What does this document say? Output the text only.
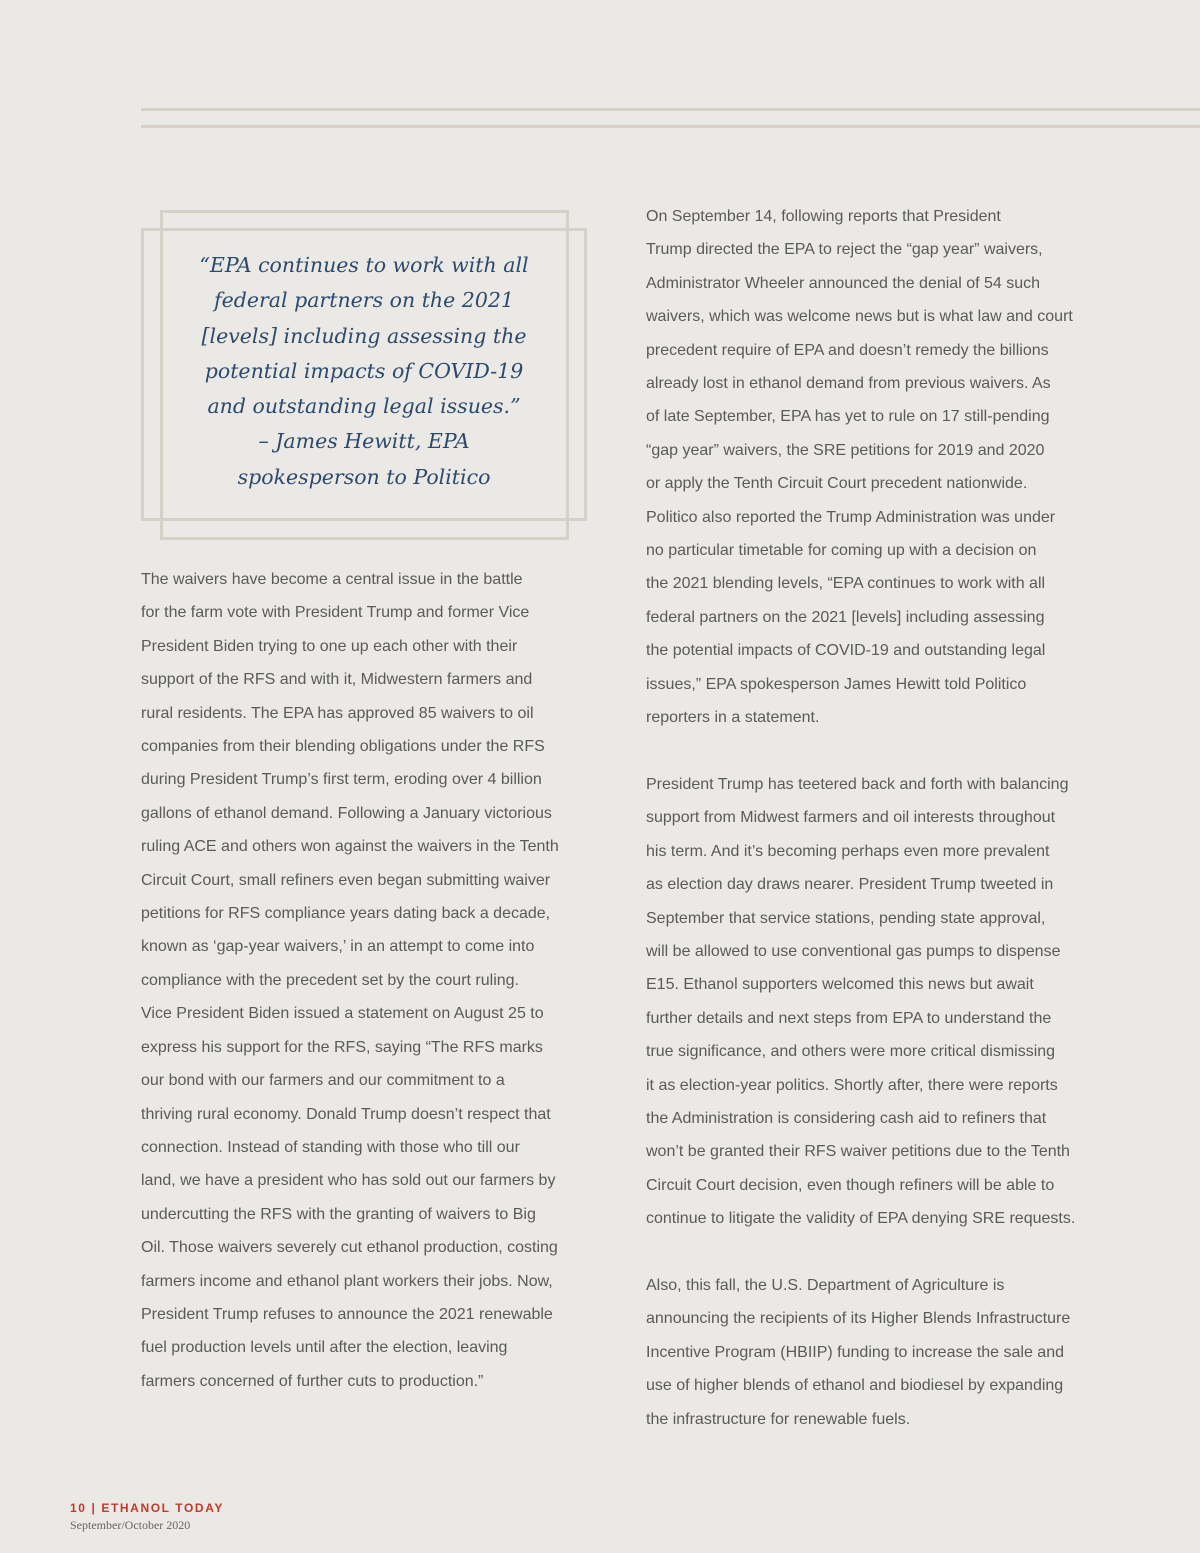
“EPA continues to work with all
federal partners on the 2021
[levels] including assessing the
potential impacts of COVID-19
and outstanding legal issues.”
– James Hewitt, EPA
spokesperson to Politico

The waivers have become a central issue in the battle
for the farm vote with President Trump and former Vice
President Biden trying to one up each other with their
support of the RFS and with it, Midwestern farmers and
rural residents. The EPA has approved 85 waivers to oil
companies from their blending obligations under the RFS
during President Trump’s first term, eroding over 4 billion
gallons of ethanol demand. Following a January victorious
ruling ACE and others won against the waivers in the Tenth
Circuit Court, small refiners even began submitting waiver
petitions for RFS compliance years dating back a decade,
known as ‘gap-year waivers,’ in an attempt to come into
compliance with the precedent set by the court ruling.
Vice President Biden issued a statement on August 25 to
express his support for the RFS, saying “The RFS marks
our bond with our farmers and our commitment to a
thriving rural economy. Donald Trump doesn’t respect that
connection. Instead of standing with those who till our
land, we have a president who has sold out our farmers by
undercutting the RFS with the granting of waivers to Big
Oil. Those waivers severely cut ethanol production, costing
farmers income and ethanol plant workers their jobs. Now,
President Trump refuses to announce the 2021 renewable
fuel production levels until after the election, leaving
farmers concerned of further cuts to production.”

On September 14, following reports that President
Trump directed the EPA to reject the “gap year” waivers,
Administrator Wheeler announced the denial of 54 such
waivers, which was welcome news but is what law and court
precedent require of EPA and doesn’t remedy the billions
already lost in ethanol demand from previous waivers. As
of late September, EPA has yet to rule on 17 still-pending
“gap year” waivers, the SRE petitions for 2019 and 2020
or apply the Tenth Circuit Court precedent nationwide.
Politico also reported the Trump Administration was under
no particular timetable for coming up with a decision on
the 2021 blending levels, “EPA continues to work with all
federal partners on the 2021 [levels] including assessing
the potential impacts of COVID-19 and outstanding legal
issues,” EPA spokesperson James Hewitt told Politico
reporters in a statement.

President Trump has teetered back and forth with balancing
support from Midwest farmers and oil interests throughout
his term. And it’s becoming perhaps even more prevalent
as election day draws nearer. President Trump tweeted in
September that service stations, pending state approval,
will be allowed to use conventional gas pumps to dispense
E15. Ethanol supporters welcomed this news but await
further details and next steps from EPA to understand the
true significance, and others were more critical dismissing
it as election-year politics. Shortly after, there were reports
the Administration is considering cash aid to refiners that
won’t be granted their RFS waiver petitions due to the Tenth
Circuit Court decision, even though refiners will be able to
continue to litigate the validity of EPA denying SRE requests.

Also, this fall, the U.S. Department of Agriculture is
announcing the recipients of its Higher Blends Infrastructure
Incentive Program (HBIIP) funding to increase the sale and
use of higher blends of ethanol and biodiesel by expanding
the infrastructure for renewable fuels.

10 | ETHANOL TODAY
September/October 2020
